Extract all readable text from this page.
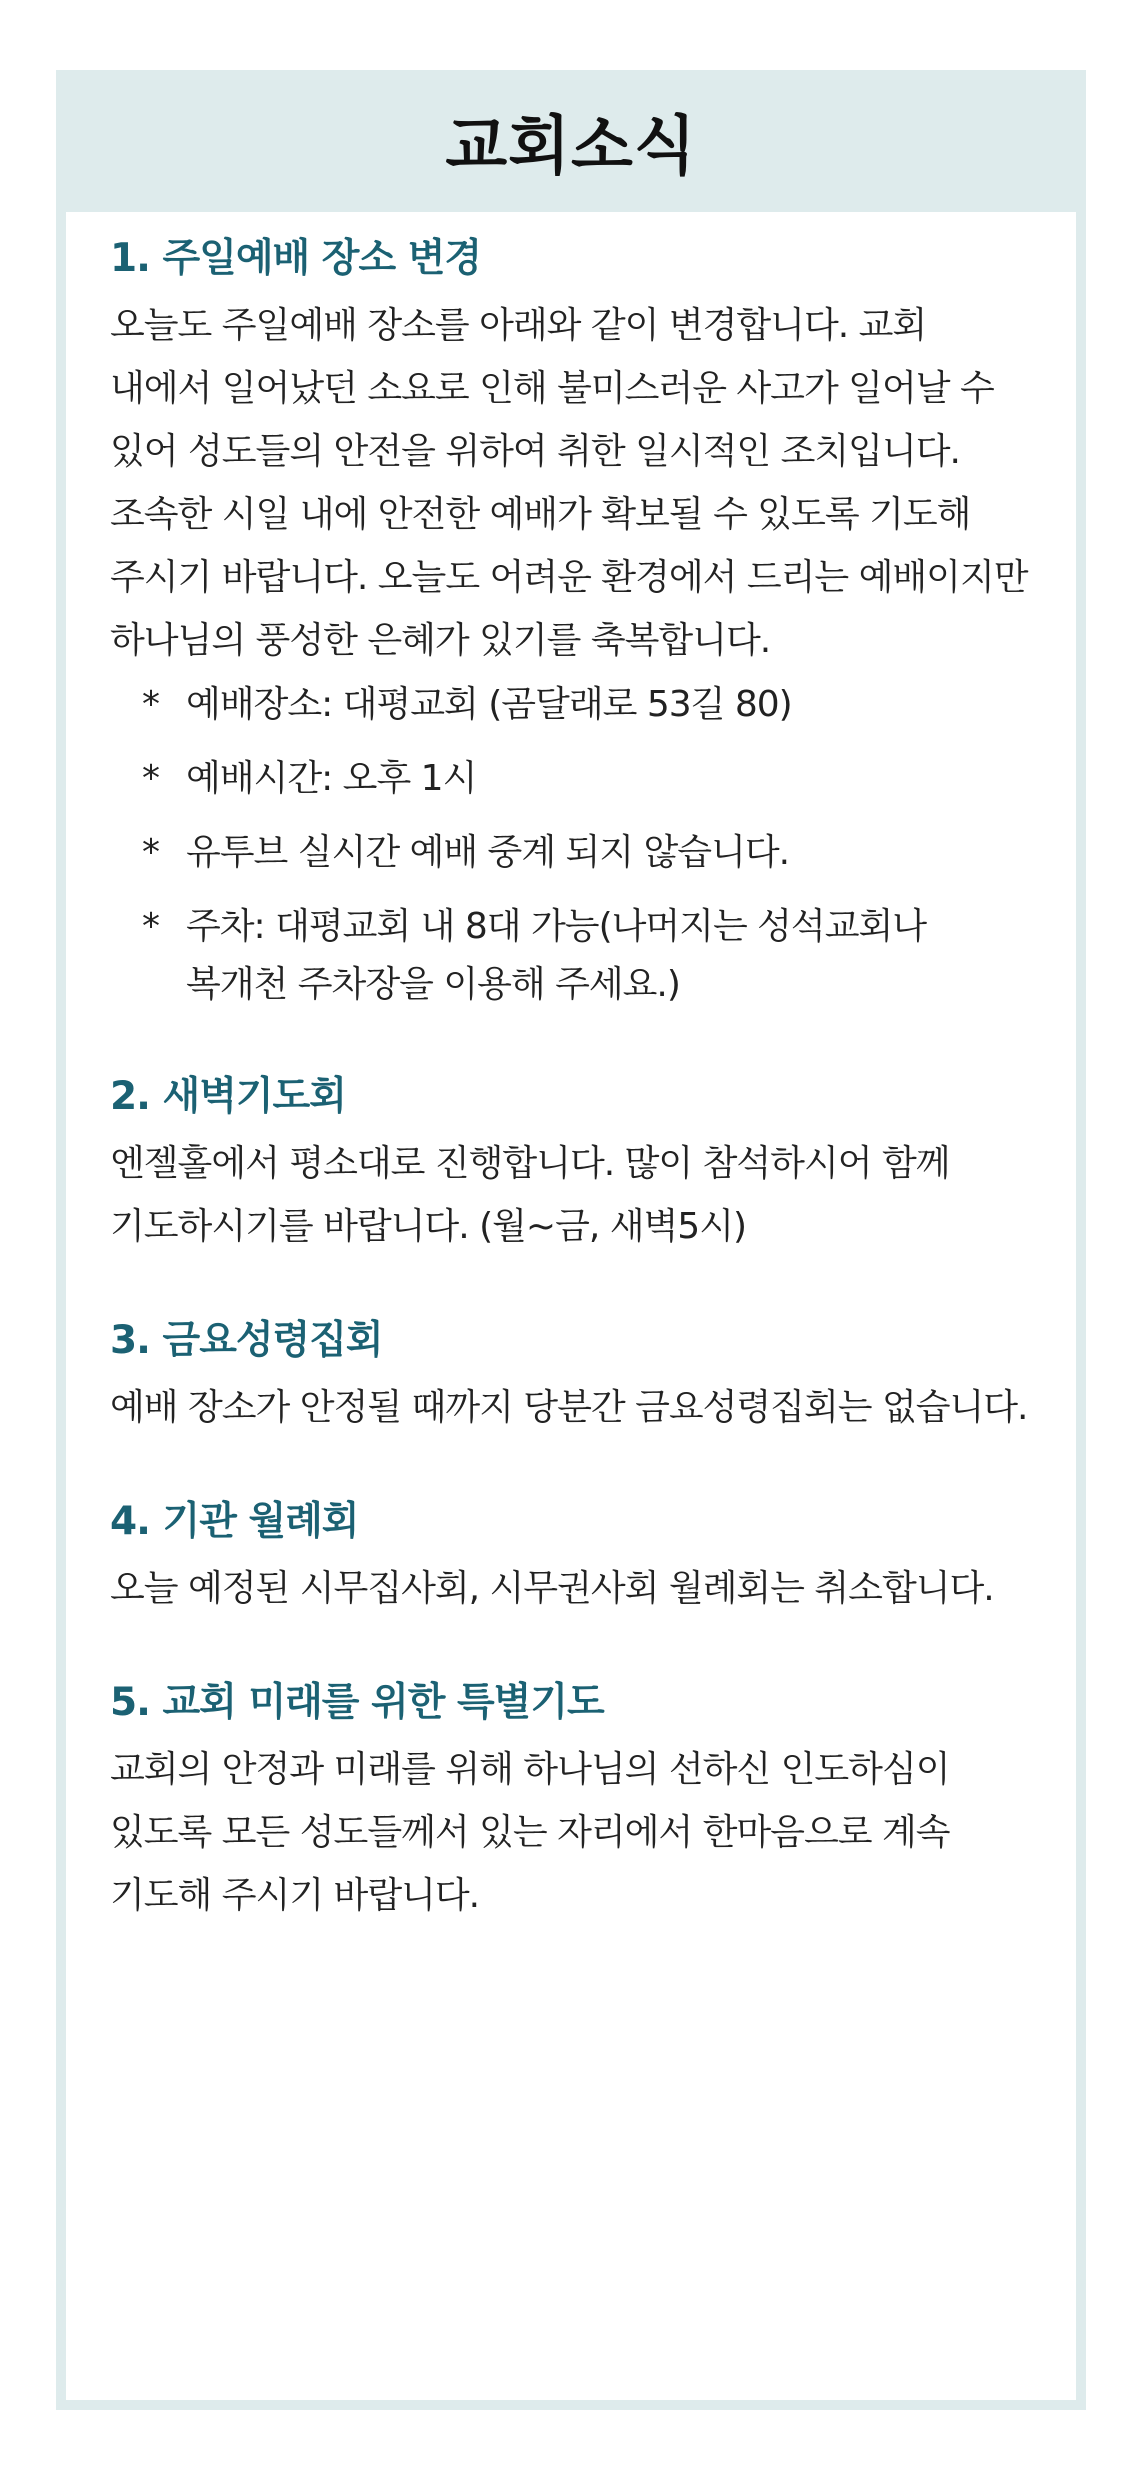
교회소식
1. 주일예배 장소 변경

오늘도 주일예배 장소를 아래와 같이 변경합니다. 교회 내에서 일어났던 소요로 인해 불미스러운 사고가 일어날 수 있어 성도들의 안전을 위하여 취한 일시적인 조치입니다. 조속한 시일 내에 안전한 예배가 확보될 수 있도록 기도해 주시기 바랍니다. 오늘도 어려운 환경에서 드리는 예배이지만 하나님의 풍성한 은혜가 있기를 축복합니다.

* 예배장소: 대평교회 (곰달래로 53길 80)
* 예배시간: 오후 1시
* 유투브 실시간 예배 중계 되지 않습니다.
* 주차: 대평교회 내 8대 가능(나머지는 성석교회나 복개천 주차장을 이용해 주세요.)
2. 새벽기도회

엔젤홀에서 평소대로 진행합니다. 많이 참석하시어 함께 기도하시기를 바랍니다. (월~금, 새벽5시)

3. 금요성령집회

예배 장소가 안정될 때까지 당분간 금요성령집회는 없습니다.

4. 기관 월례회

오늘 예정된 시무집사회, 시무권사회 월례회는 취소합니다.

5. 교회 미래를 위한 특별기도

교회의 안정과 미래를 위해 하나님의 선하신 인도하심이 있도록 모든 성도들께서 있는 자리에서 한마음으로 계속 기도해 주시기 바랍니다.
